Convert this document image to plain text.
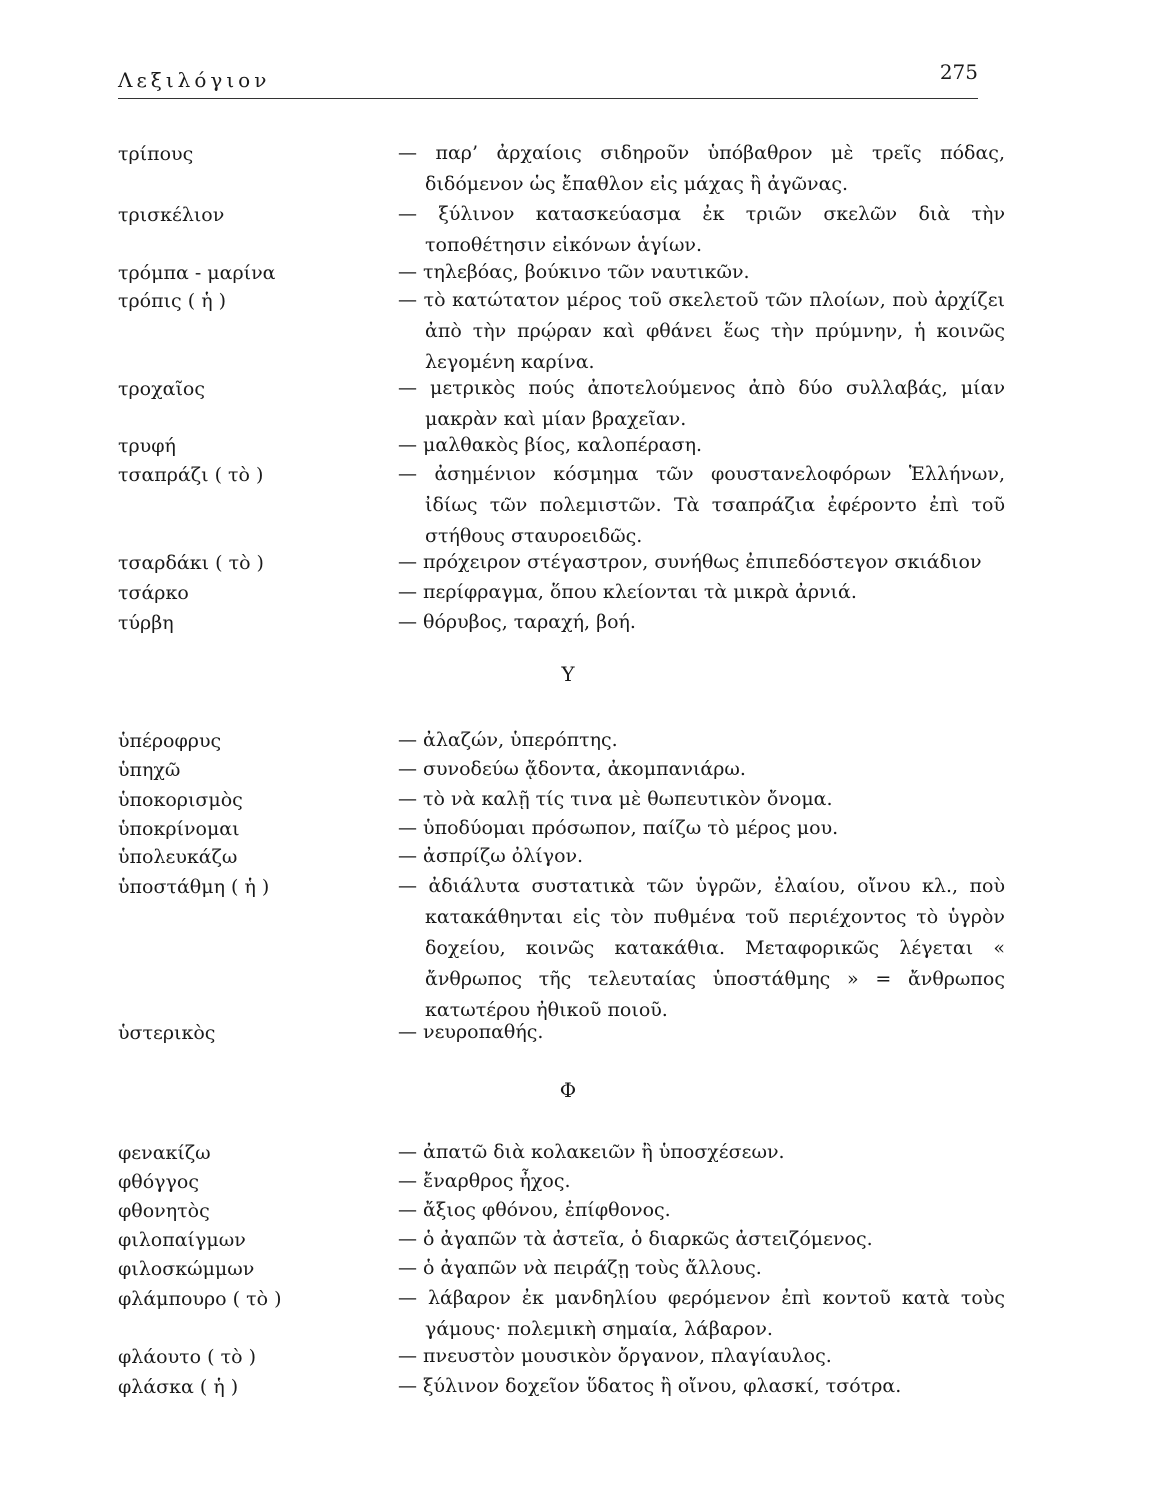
Λεξιλόγιον	275
τρίπους	— παρ’ ἀρχαίοις σιδηροῦν ὑπόβαθρον μὲ τρεῖς πόδας, διδόμενον ὡς ἔπαθλον εἰς μάχας ἢ ἀγῶνας.
τρισκέλιον	— ξύλινον κατασκεύασμα ἐκ τριῶν σκελῶν διὰ τὴν τοποθέτησιν εἰκόνων ἁγίων.
τρόμπα - μαρίνα	— τηλεβόας, βούκινο τῶν ναυτικῶν.
τρόπις ( ἡ )	— τὸ κατώτατον μέρος τοῦ σκελετοῦ τῶν πλοίων, ποὺ ἀρχίζει ἀπὸ τὴν πρῴραν καὶ φθάνει ἕως τὴν πρύμνην, ἡ κοινῶς λεγομένη καρίνα.
τροχαῖος	— μετρικὸς πούς ἀποτελούμενος ἀπὸ δύο συλλαβάς, μίαν μακρὰν καὶ μίαν βραχεῖαν.
τρυφή	— μαλθακὸς βίος, καλοπέραση.
τσαπράζι ( τὸ )	— ἀσημένιον κόσμημα τῶν φουστανελοφόρων Ἑλλήνων, ἰδίως τῶν πολεμιστῶν. Τὰ τσαπράζια ἐφέροντο ἐπὶ τοῦ στήθους σταυροειδῶς.
τσαρδάκι ( τὸ )	— πρόχειρον στέγαστρον, συνήθως ἐπιπεδόστεγον σκιάδιον
τσάρκο	— περίφραγμα, ὅπου κλείονται τὰ μικρὰ ἀρνιά.
τύρβη	— θόρυβος, ταραχή, βοή.
Υ
ὑπέροφρυς	— ἀλαζών, ὑπερόπτης.
ὑπηχῶ	— συνοδεύω ᾄδοντα, ἀκομπανιάρω.
ὑποκορισμὸς	— τὸ νὰ καλῇ τίς τινα μὲ θωπευτικὸν ὄνομα.
ὑποκρίνομαι	— ὑποδύομαι πρόσωπον, παίζω τὸ μέρος μου.
ὑπολευκάζω	— ἀσπρίζω ὀλίγον.
ὑποστάθμη ( ἡ )	— ἀδιάλυτα συστατικὰ τῶν ὑγρῶν, ἐλαίου, οἴνου κλ., ποὺ κατακάθηνται εἰς τὸν πυθμένα τοῦ περιέχοντος τὸ ὑγρὸν δοχείου, κοινῶς κατακάθια. Μεταφορικῶς λέγεται « ἄνθρωπος τῆς τελευταίας ὑποστάθμης » = ἄνθρωπος κατωτέρου ἠθικοῦ ποιοῦ.
ὑστερικὸς	— νευροπαθής.
Φ
φενακίζω	— ἀπατῶ διὰ κολακειῶν ἢ ὑποσχέσεων.
φθόγγος	— ἔναρθρος ἦχος.
φθονητὸς	— ἄξιος φθόνου, ἐπίφθονος.
φιλοπαίγμων	— ὁ ἀγαπῶν τὰ ἀστεῖα, ὁ διαρκῶς ἀστειζόμενος.
φιλοσκώμμων	— ὁ ἀγαπῶν νὰ πειράζῃ τοὺς ἄλλους.
φλάμπουρο ( τὸ )	— λάβαρον ἐκ μανδηλίου φερόμενον ἐπὶ κοντοῦ κατὰ τοὺς γάμους· πολεμικὴ σημαία, λάβαρον.
φλάουτο ( τὸ )	— πνευστὸν μουσικὸν ὄργανον, πλαγίαυλος.
φλάσκα ( ἡ )	— ξύλινον δοχεῖον ὕδατος ἢ οἴνου, φλασκί, τσότρα.
